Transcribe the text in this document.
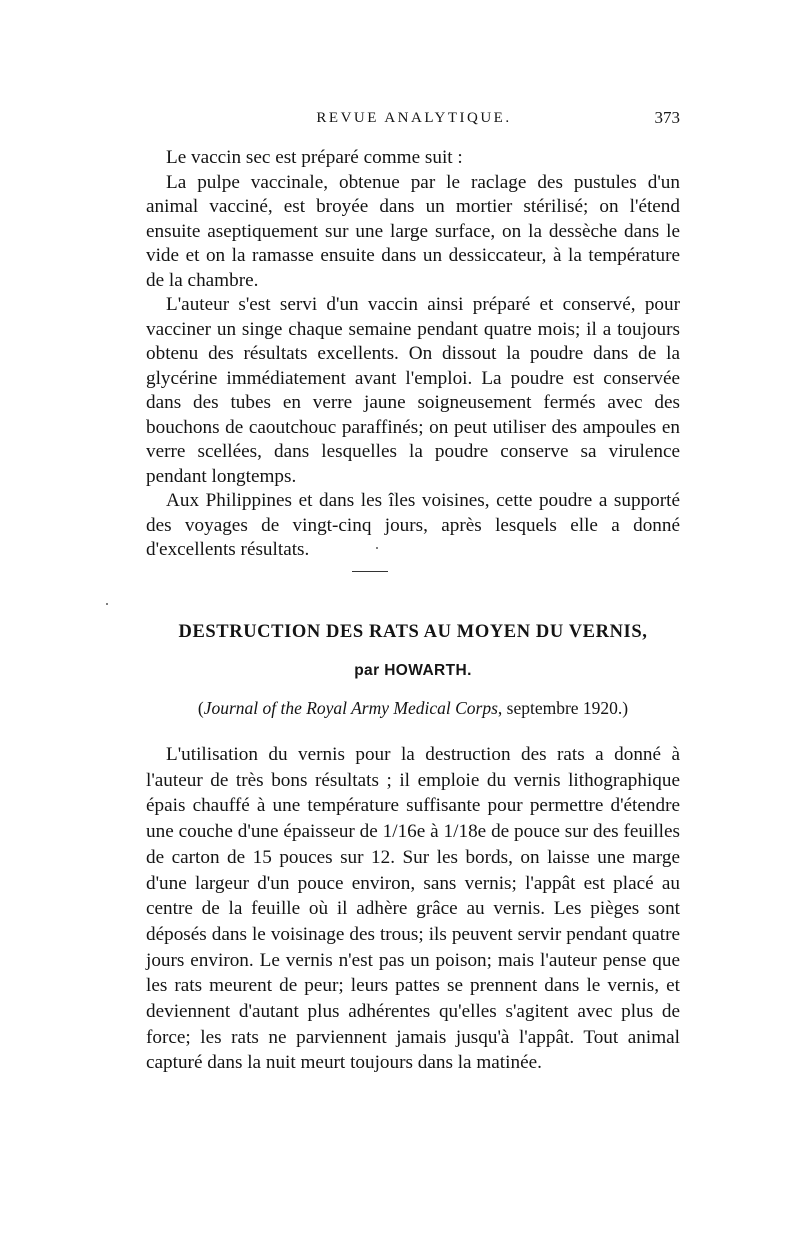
REVUE ANALYTIQUE.	373

Le vaccin sec est préparé comme suit :

La pulpe vaccinale, obtenue par le raclage des pustules d'un animal vacciné, est broyée dans un mortier stérilisé; on l'étend ensuite aseptiquement sur une large surface, on la dessèche dans le vide et on la ramasse ensuite dans un dessiccateur, à la température de la chambre.

L'auteur s'est servi d'un vaccin ainsi préparé et conservé, pour vacciner un singe chaque semaine pendant quatre mois; il a toujours obtenu des résultats excellents. On dissout la poudre dans de la glycérine immédiatement avant l'emploi. La poudre est conservée dans des tubes en verre jaune soigneusement fermés avec des bouchons de caoutchouc paraffinés; on peut utiliser des ampoules en verre scellées, dans lesquelles la poudre conserve sa virulence pendant longtemps.

Aux Philippines et dans les îles voisines, cette poudre a supporté des voyages de vingt-cinq jours, après lesquels elle a donné d'excellents résultats.

DESTRUCTION DES RATS AU MOYEN DU VERNIS,
par HOWARTH.
(Journal of the Royal Army Medical Corps, septembre 1920.)

L'utilisation du vernis pour la destruction des rats a donné à l'auteur de très bons résultats ; il emploie du vernis lithographique épais chauffé à une température suffisante pour permettre d'étendre une couche d'une épaisseur de 1/16e à 1/18e de pouce sur des feuilles de carton de 15 pouces sur 12. Sur les bords, on laisse une marge d'une largeur d'un pouce environ, sans vernis; l'appât est placé au centre de la feuille où il adhère grâce au vernis. Les pièges sont déposés dans le voisinage des trous; ils peuvent servir pendant quatre jours environ. Le vernis n'est pas un poison; mais l'auteur pense que les rats meurent de peur; leurs pattes se prennent dans le vernis, et deviennent d'autant plus adhérentes qu'elles s'agitent avec plus de force; les rats ne parviennent jamais jusqu'à l'appât. Tout animal capturé dans la nuit meurt toujours dans la matinée.
